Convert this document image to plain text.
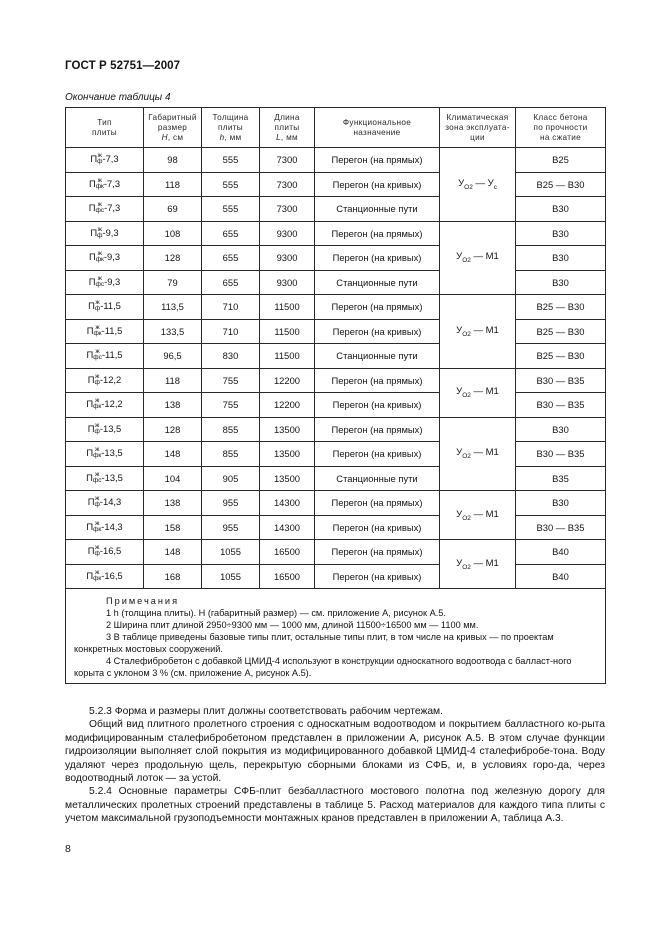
ГОСТ Р 52751—2007
Окончание таблицы 4
Тип
плиты	Габаритный
размер
Н, см	Толщина
плиты
h, мм	Длина
плиты
L, мм	Функциональное
назначение	Климатическая
зона эксплуата-
ции	Класс бетона
по прочности
на сжатие
П ж
ф -7,3	98	555	7300	Перегон (на прямых)	$У_{О2}$ — $У_с$	В25
П ж
фк -7,3	118	555	7300	Перегон (на кривых)		В25 — В30
П ж
фс -7,3	69	555	7300	Станционные пути		В30
П ж
ф -9,3	108	655	9300	Перегон (на прямых)	$У_{О2}$ — М1	В30
П ж
фк -9,3	128	655	9300	Перегон (на кривых)		В30
П ж
фс -9,3	79	655	9300	Станционные пути		В30
П ж
ф -11,5	113,5	710	11500	Перегон (на прямых)	$У_{О2}$ — М1	В25 — В30
П ж
фк -11,5	133,5	710	11500	Перегон (на кривых)		В25 — В30
П ж
фс -11,5	96,5	830	11500	Станционные пути		В25 — В30
П ж
ф -12,2	118	755	12200	Перегон (на прямых)	$У_{О2}$ — М1	В30 — В35
П ж
фк -12,2	138	755	12200	Перегон (на кривых)		В30 — В35
П ж
ф -13,5	128	855	13500	Перегон (на прямых)	$У_{О2}$ — М1	В30
П ж
фк -13,5	148	855	13500	Перегон (на кривых)		В30 — В35
П ж
фс -13,5	104	905	13500	Станционные пути		В35
П ж
ф -14,3	138	955	14300	Перегон (на прямых)	$У_{О2}$ — М1	В30
П ж
фк -14,3	158	955	14300	Перегон (на кривых)		В30 — В35
П ж
ф -16,5	148	1055	16500	Перегон (на прямых)	$У_{О2}$ — М1	В40
П ж
фк -16,5	168	1055	16500	Перегон (на кривых)		В40

Примечания
1 h (толщина плиты). H (габаритный размер) — см. приложение А, рисунок А.5.
2 Ширина плит длиной 2950÷9300 мм — 1000 мм, длиной 11500÷16500 мм — 1100 мм.
3 В таблице приведены базовые типы плит, остальные типы плит, в том числе на кривых — по проектам конкретных мостовых сооружений.
4 Сталефибробетон с добавкой ЦМИД-4 используют в конструкции односкатного водоотвода с балласт-ного корыта с уклоном 3 % (см. приложение А, рисунок А.5).						

5.2.3 Форма и размеры плит должны соответствовать рабочим чертежам.

Общий вид плитного пролетного строения с односкатным водоотводом и покрытием балластного ко-рыта модифицированным сталефибробетоном представлен в приложении А, рисунок А.5. В этом случае функции гидроизоляции выполняет слой покрытия из модифицированного добавкой ЦМИД-4 сталефибробе-тона. Воду удаляют через продольную щель, перекрытую сборными блоками из СФБ, и, в условиях горо-да, через водоотводный лоток — за устой.

5.2.4 Основные параметры СФБ-плит безбалластного мостового полотна под железную дорогу для металлических пролетных строений представлены в таблице 5. Расход материалов для каждого типа плиты с учетом максимальной грузоподъемности монтажных кранов представлен в приложении А, таблица А.3.

8
